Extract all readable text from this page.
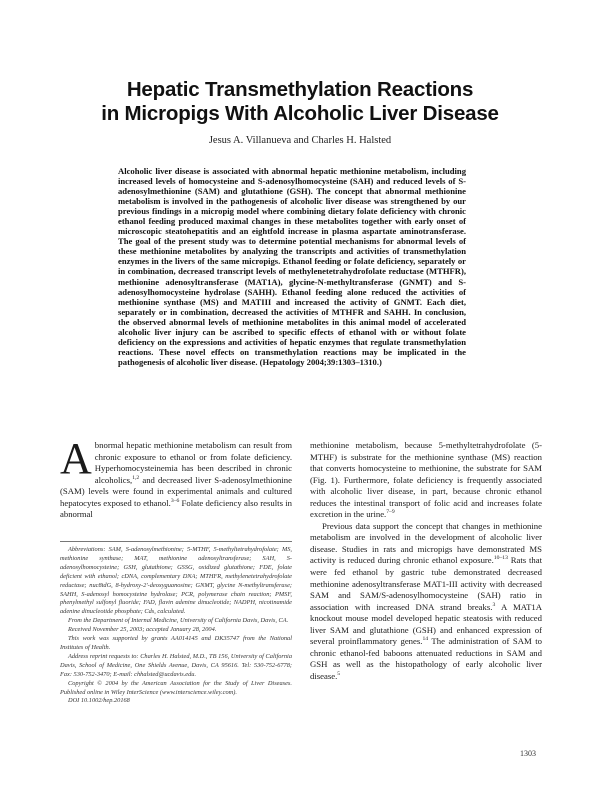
Hepatic Transmethylation Reactions
in Micropigs With Alcoholic Liver Disease
Jesus A. Villanueva and Charles H. Halsted
Alcoholic liver disease is associated with abnormal hepatic methionine metabolism, including increased levels of homocysteine and S-adenosylhomocysteine (SAH) and reduced levels of S-adenosylmethionine (SAM) and glutathione (GSH). The concept that abnormal methionine metabolism is involved in the pathogenesis of alcoholic liver disease was strengthened by our previous findings in a micropig model where combining dietary folate deficiency with chronic ethanol feeding produced maximal changes in these metabolites together with early onset of microscopic steatohepatitis and an eightfold increase in plasma aspartate aminotransferase. The goal of the present study was to determine potential mechanisms for abnormal levels of these methionine metabolites by analyzing the transcripts and activities of transmethylation enzymes in the livers of the same micropigs. Ethanol feeding or folate deficiency, separately or in combination, decreased transcript levels of methylenetetrahydrofolate reductase (MTHFR), methionine adenosyltransferase (MAT1A), glycine-N-methyltransferase (GNMT) and S-adenosylhomocysteine hydrolase (SAHH). Ethanol feeding alone reduced the activities of methionine synthase (MS) and MATIII and increased the activity of GNMT. Each diet, separately or in combination, decreased the activities of MTHFR and SAHH. In conclusion, the observed abnormal levels of methionine metabolites in this animal model of accelerated alcoholic liver injury can be ascribed to specific effects of ethanol with or without folate deficiency on the expressions and activities of hepatic enzymes that regulate transmethylation reactions. These novel effects on transmethylation reactions may be implicated in the pathogenesis of alcoholic liver disease. (Hepatology 2004;39:1303–1310.)

Abnormal hepatic methionine metabolism can result from chronic exposure to ethanol or from folate deficiency. Hyperhomocysteinemia has been described in chronic alcoholics,$^{1,2}$ and decreased liver S-adenosylmethionine (SAM) levels were found in experimental animals and cultured hepatocytes exposed to ethanol.$^{3-6}$ Folate deficiency also results in abnormal

Abbreviations: SAM, S-adenosylmethionine; 5-MTHF, 5-methyltetrahydrofolate; MS, methionine synthase; MAT, methionine adenosyltransferase; SAH, S-adenosylhomocysteine; GSH, glutathione; GSSG, oxidized glutathione; FDE, folate deficient with ethanol; cDNA, complementary DNA; MTHFR, methylenetetrahydrofolate reductase; nuc8tdG, 8-hydroxy-2′-deoxyguanosine; GNMT, glycine N-methyltransferase; SAHH, S-adenosyl homocysteine hydrolase; PCR, polymerase chain reaction; PMSF, phenylmethyl sulfonyl fluoride; FAD, flavin adenine dinucleotide; NADPH, nicotinamide adenine dinucleotide phosphate; Cds, calculated.

From the Department of Internal Medicine, University of California Davis, Davis, CA.

Received November 25, 2003; accepted January 28, 2004.

This work was supported by grants AA014145 and DK35747 from the National Institutes of Health.

Address reprint requests to: Charles H. Halsted, M.D., TB 156, University of California Davis, School of Medicine, One Shields Avenue, Davis, CA 95616. Tel: 530-752-6778; Fax: 530-752-3470; E-mail: chhalsted@ucdavis.edu.

Copyright © 2004 by the American Association for the Study of Liver Diseases. Published online in Wiley InterScience (www.interscience.wiley.com).

DOI 10.1002/hep.20168

methionine metabolism, because 5-methyltetrahydrofolate (5-MTHF) is substrate for the methionine synthase (MS) reaction that converts homocysteine to methionine, the substrate for SAM (Fig. 1). Furthermore, folate deficiency is frequently associated with alcoholic liver disease, in part, because chronic ethanol reduces the intestinal transport of folic acid and increases folate excretion in the urine.$^{7-9}$

Previous data support the concept that changes in methionine metabolism are involved in the development of alcoholic liver disease. Studies in rats and micropigs have demonstrated MS activity is reduced during chronic ethanol exposure.$^{10-13}$ Rats that were fed ethanol by gastric tube demonstrated decreased methionine adenosyltransferase MAT1-III activity with decreased SAM and SAM/S-adenosylhomocysteine (SAH) ratio in association with increased DNA strand breaks.$^3$ A MAT1A knockout mouse model developed hepatic steatosis with reduced liver SAM and glutathione (GSH) and enhanced expression of several proinflammatory genes.$^{14}$ The administration of SAM to chronic ethanol-fed baboons attenuated reductions in SAM and GSH as well as the histopathology of early alcoholic liver disease.$^5$

1303
